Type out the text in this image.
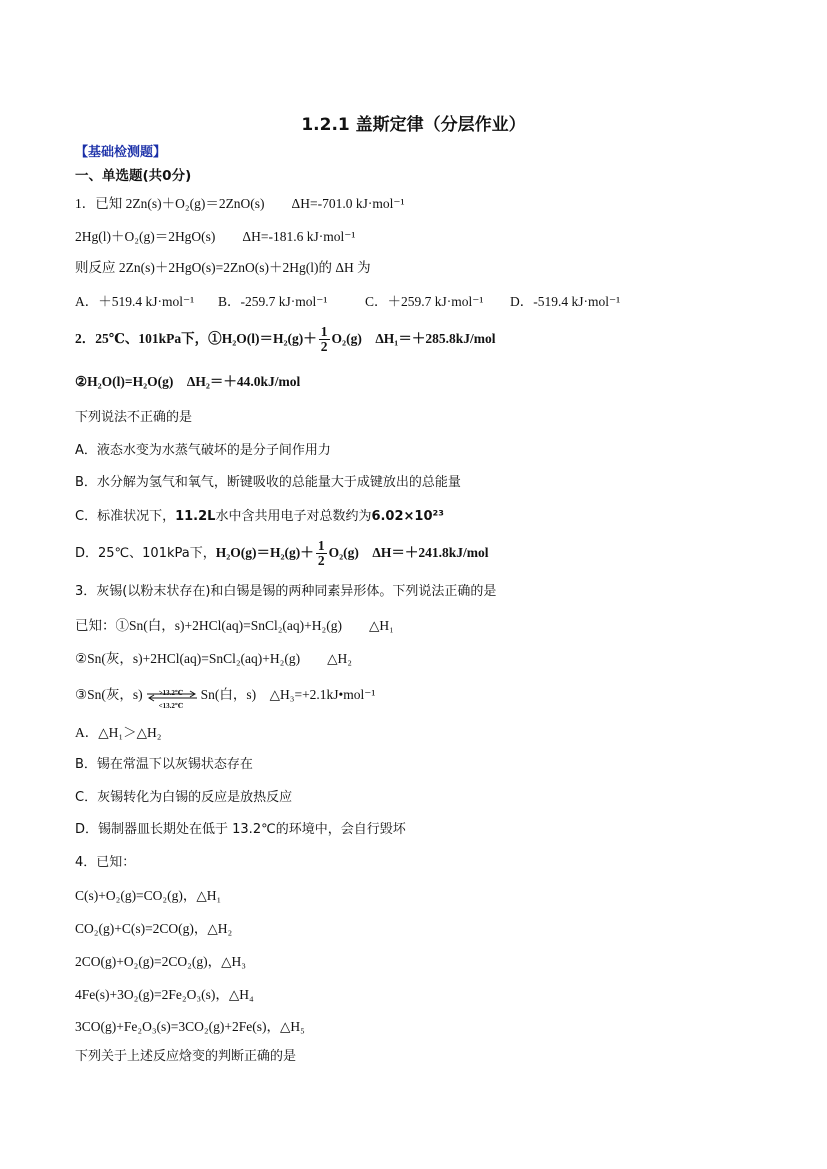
1.2.1 盖斯定律（分层作业）
【基础检测题】
一、单选题(共0分)
1．已知 2Zn(s)＋O₂(g)＝2ZnO(s)　　ΔH=-701.0 kJ·mol⁻¹
2Hg(l)＋O₂(g)＝2HgO(s)　　ΔH=-181.6 kJ·mol⁻¹
则反应 2Zn(s)＋2HgO(s)=2ZnO(s)＋2Hg(l)的 ΔH 为
A．＋519.4 kJ·mol⁻¹ B．-259.7 kJ·mol⁻¹	C．＋259.7 kJ·mol⁻¹ D．-519.4 kJ·mol⁻¹
2．25℃、101kPa下，①H₂O(l)＝H₂(g)＋ $\frac{1}{2} O_2(g)$　ΔH₁＝＋285.8kJ/mol
②H₂O(l)=H₂O(g)　ΔH₂＝＋44.0kJ/mol
下列说法不正确的是
A．液态水变为水蒸气破坏的是分子间作用力
B．水分解为氢气和氧气，断键吸收的总能量大于成键放出的总能量
C．标准状况下，11.2L水中含共用电子对总数约为6.02×10²³
D．25℃、101kPa下，$H_2O(g)=H_2(g)+ \frac{1}{2} O_2(g)$　ΔH＝＋241.8kJ/mol
3．灰锡(以粉末状存在)和白锡是锡的两种同素异形体。下列说法正确的是
已知：①Sn(白，s)+2HCl(aq)=SnCl₂(aq)+H₂(g)　　△H₁
②Sn(灰，s)+2HCl(aq)=SnCl₂(aq)+H₂(g)　　△H₂
③Sn(灰，s) >13.2℃
<13.2℃
Sn(白，s)　△H₃=+2.1kJ•mol⁻¹
A．△H₁＞△H₂
B．锡在常温下以灰锡状态存在
C．灰锡转化为白锡的反应是放热反应
D．锡制器皿长期处在低于 13.2℃的环境中，会自行毁坏
4．已知：
C(s)+O₂(g)=CO₂(g)，△H₁
CO₂(g)+C(s)=2CO(g)，△H₂
2CO(g)+O₂(g)=2CO₂(g)，△H₃
4Fe(s)+3O₂(g)=2Fe₂O₃(s)，△H₄
3CO(g)+Fe₂O₃(s)=3CO₂(g)+2Fe(s)，△H₅
下列关于上述反应焓变的判断正确的是
